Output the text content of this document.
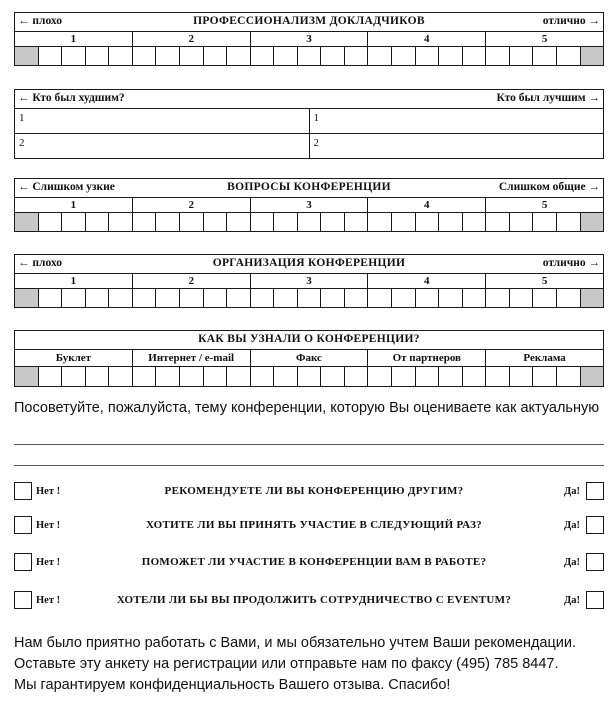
← плохо	ПРОФЕССИОНАЛИЗМ ДОКЛАДЧИКОВ	отлично →
1	2	3	4	5
← Кто был худшим?	Кто был лучшим →
1	1
2	2
← Слишком узкие	ВОПРОСЫ КОНФЕРЕНЦИИ	Слишком общие →
1	2	3	4	5
← плохо	ОРГАНИЗАЦИЯ КОНФЕРЕНЦИИ	отлично →
1	2	3	4	5
КАК ВЫ УЗНАЛИ О КОНФЕРЕНЦИИ?
Буклет	Интернет / e-mail	Факс	От партнеров	Реклама
Посоветуйте, пожалуйста, тему конференции, которую Вы оцениваете как актуальную
Нет !	РЕКОМЕНДУЕТЕ ЛИ ВЫ КОНФЕРЕНЦИЮ ДРУГИМ?	Да!
Нет !	ХОТИТЕ ЛИ ВЫ ПРИНЯТЬ УЧАСТИЕ В СЛЕДУЮЩИЙ РАЗ?	Да!
Нет !	ПОМОЖЕТ ЛИ УЧАСТИЕ В КОНФЕРЕНЦИИ ВАМ В РАБОТЕ?	Да!
Нет !	ХОТЕЛИ ЛИ БЫ ВЫ ПРОДОЛЖИТЬ СОТРУДНИЧЕСТВО С EVENTUM?	Да!
Нам было приятно работать с Вами, и мы обязательно учтем Ваши рекомендации.
Оставьте эту анкету на регистрации или отправьте нам по факсу (495) 785 8447.
Мы гарантируем конфиденциальность Вашего отзыва. Спасибо!
